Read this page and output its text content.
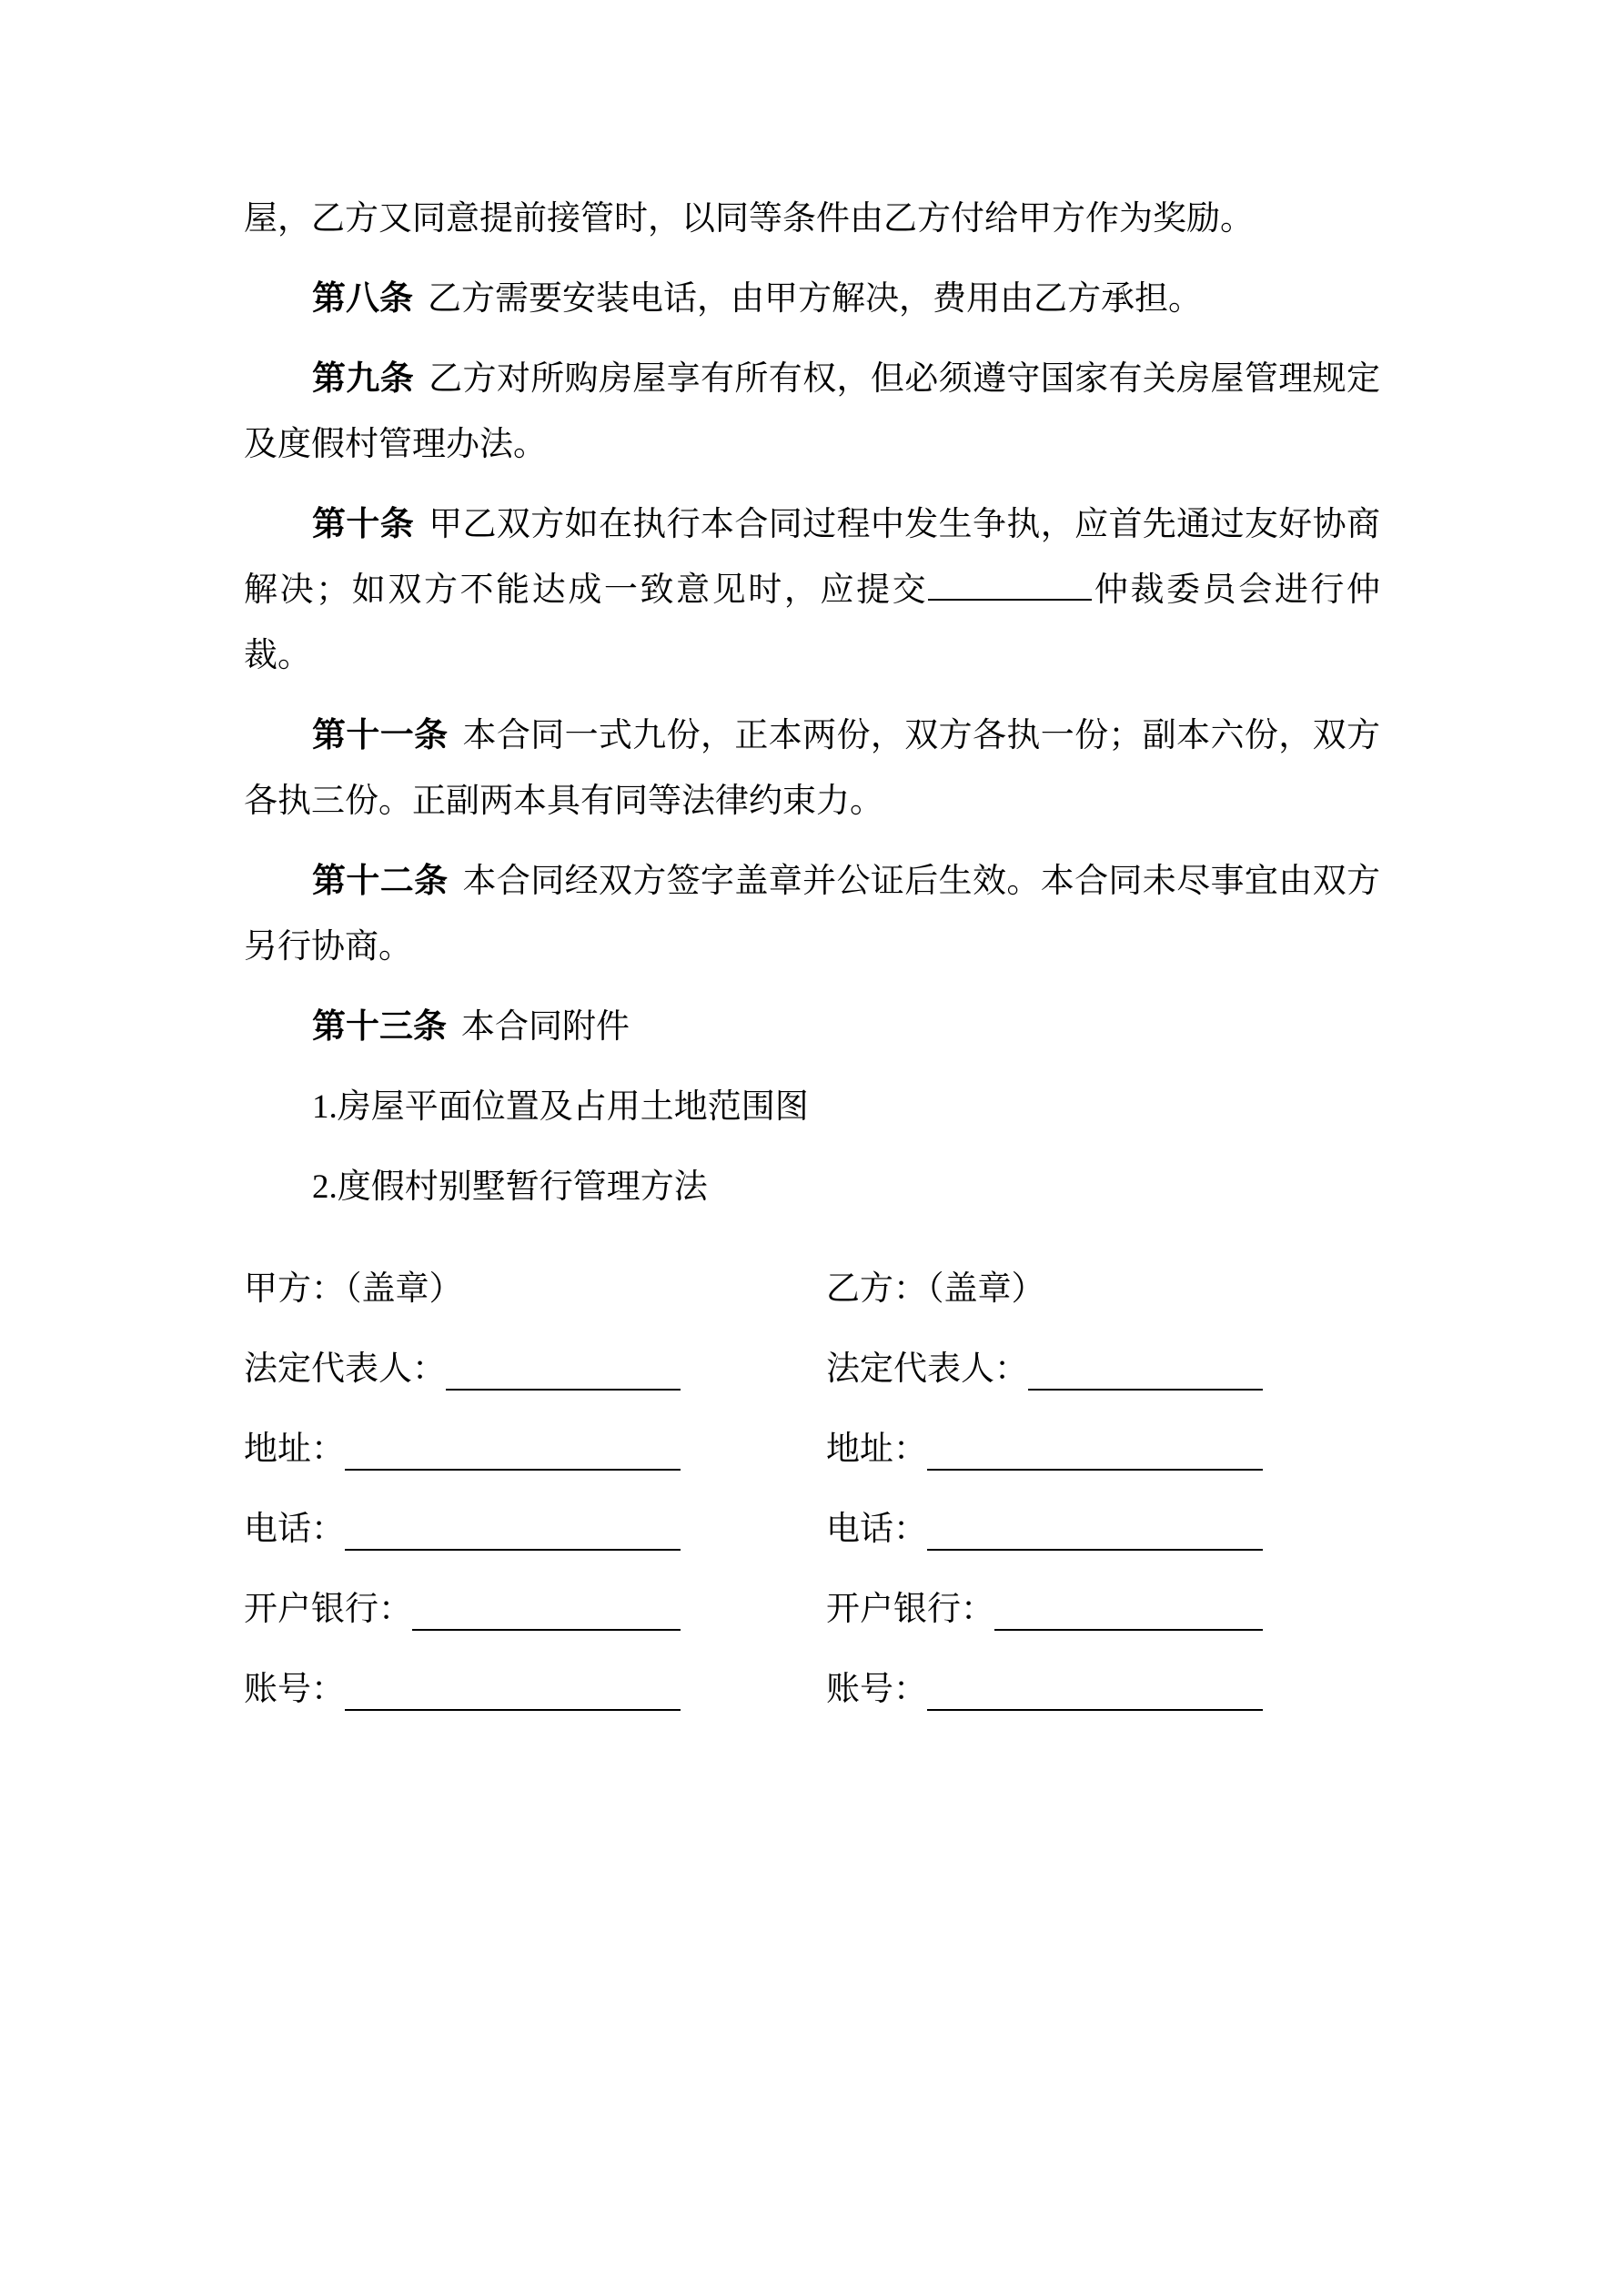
屋，乙方又同意提前接管时，以同等条件由乙方付给甲方作为奖励。

第八条 乙方需要安装电话，由甲方解决，费用由乙方承担。

第九条 乙方对所购房屋享有所有权，但必须遵守国家有关房屋管理规定及度假村管理办法。

第十条 甲乙双方如在执行本合同过程中发生争执，应首先通过友好协商解决；如双方不能达成一致意见时，应提交	仲裁委员会进行仲裁。

第十一条 本合同一式九份，正本两份，双方各执一份；副本六份，双方各执三份。正副两本具有同等法律约束力。

第十二条 本合同经双方签字盖章并公证后生效。本合同未尽事宜由双方另行协商。

第十三条 本合同附件

1.房屋平面位置及占用土地范围图

2.度假村别墅暂行管理方法

甲方：（盖章）

法定代表人：
地址：
电话：
开户银行：
账号：

乙方：（盖章）

法定代表人：
地址：
电话：
开户银行：
账号：
